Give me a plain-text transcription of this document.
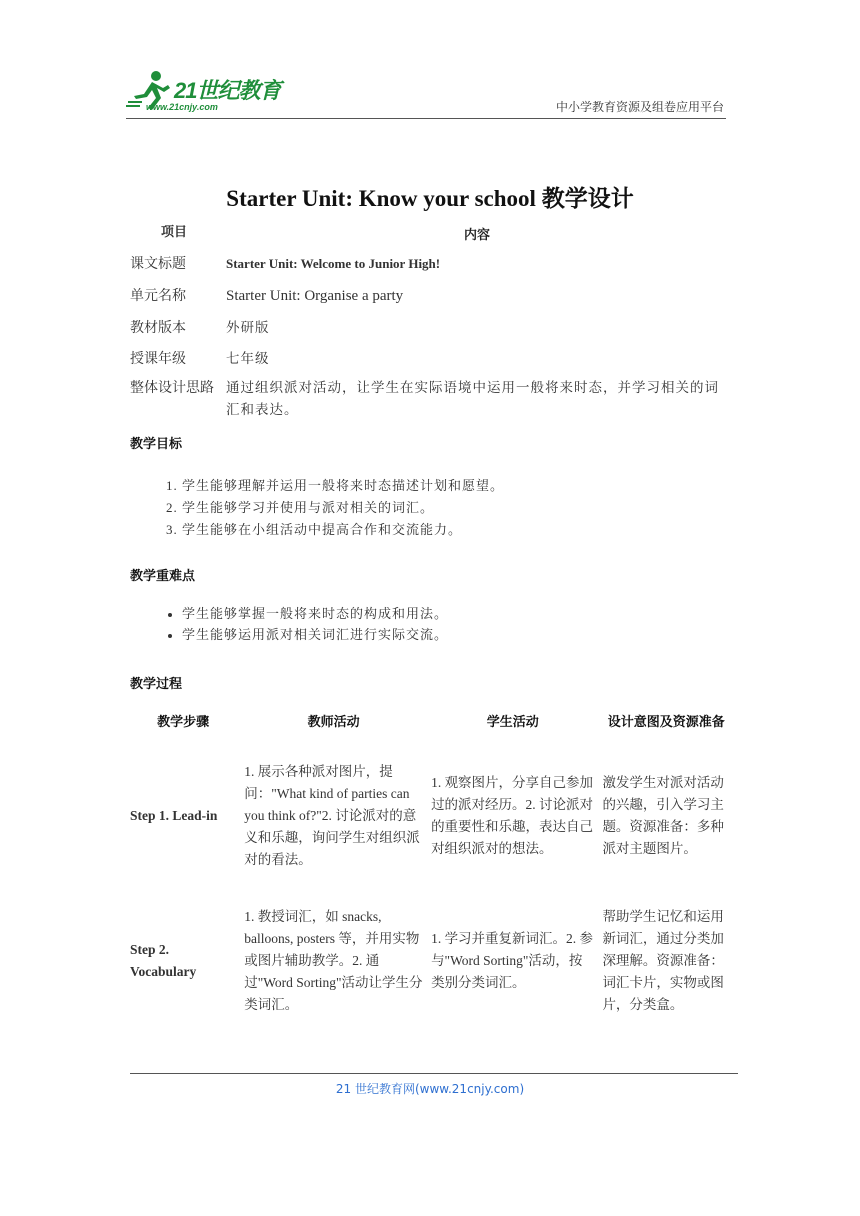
21世纪教育
www.21cnjy.com	中小学教育资源及组卷应用平台
Starter Unit: Know your school 教学设计
项目	内容
课文标题	Starter Unit: Welcome to Junior High!
单元名称	Starter Unit: Organise a party
教材版本	外研版
授课年级	七年级
整体设计思路	通过组织派对活动，让学生在实际语境中运用一般将来时态，并学习相关的词汇和表达。
教学目标
1. 学生能够理解并运用一般将来时态描述计划和愿望。
2. 学生能够学习并使用与派对相关的词汇。
3. 学生能够在小组活动中提高合作和交流能力。
教学重难点
• 学生能够掌握一般将来时态的构成和用法。
• 学生能够运用派对相关词汇进行实际交流。
教学过程
教学步骤	教师活动	学生活动	设计意图及资源准备
Step 1. Lead-in	1. 展示各种派对图片，提问："What kind of parties can you think of?"2. 讨论派对的意义和乐趣，询问学生对组织派对的看法。	1. 观察图片，分享自己参加过的派对经历。2. 讨论派对的重要性和乐趣，表达自己对组织派对的想法。	激发学生对派对活动的兴趣，引入学习主题。资源准备：多种派对主题图片。
Step 2. Vocabulary	1. 教授词汇，如 snacks, balloons, posters 等，并用实物或图片辅助教学。2. 通过"Word Sorting"活动让学生分类词汇。	1. 学习并重复新词汇。2. 参与"Word Sorting"活动，按类别分类词汇。	帮助学生记忆和运用新词汇，通过分类加深理解。资源准备：词汇卡片，实物或图片，分类盒。
21 世纪教育网(www.21cnjy.com)
